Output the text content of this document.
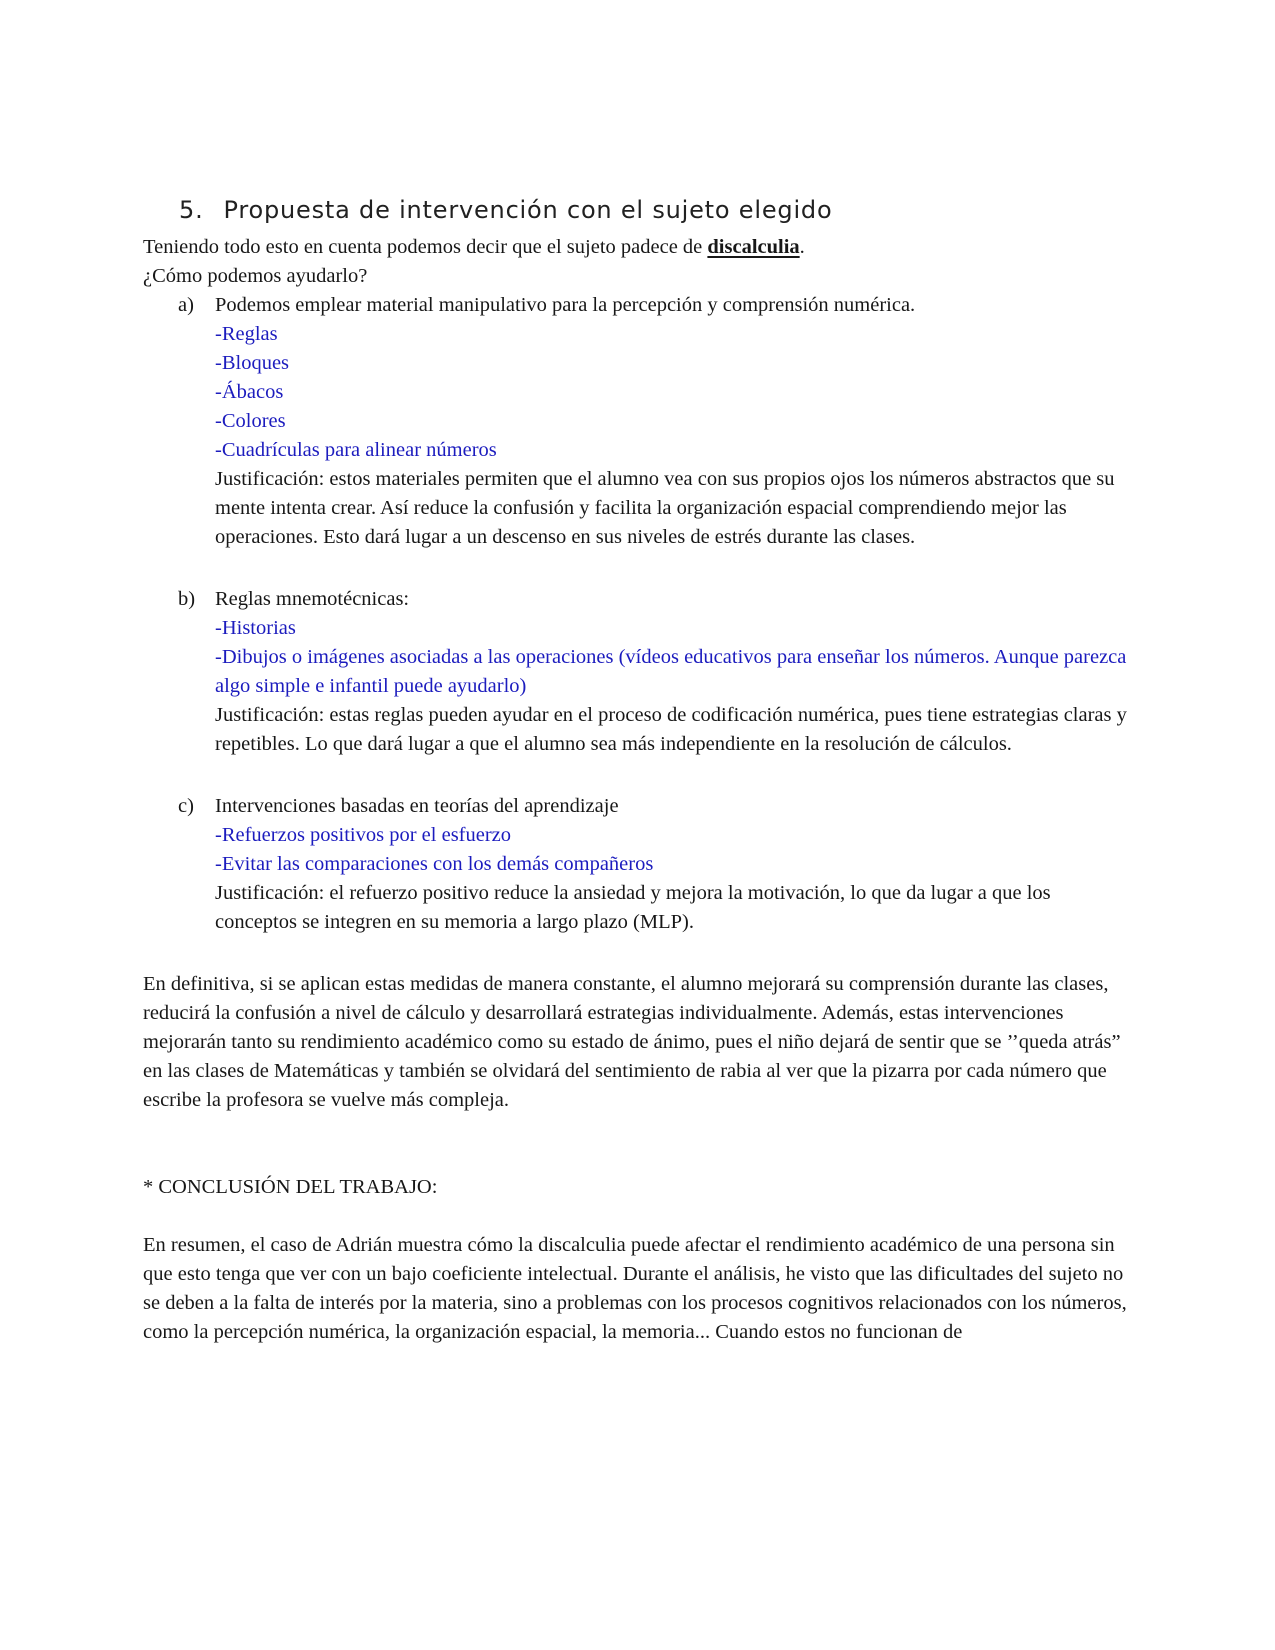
5. Propuesta de intervención con el sujeto elegido

Teniendo todo esto en cuenta podemos decir que el sujeto padece de discalculia.

¿Cómo podemos ayudarlo?

a)	Podemos emplear material manipulativo para la percepción y comprensión numérica.

-Reglas

-Bloques

-Ábacos

-Colores

-Cuadrículas para alinear números

Justificación: estos materiales permiten que el alumno vea con sus propios ojos los números abstractos que su mente intenta crear. Así reduce la confusión y facilita la organización espacial comprendiendo mejor las operaciones. Esto dará lugar a un descenso en sus niveles de estrés durante las clases.

b) Reglas mnemotécnicas:

-Historias

-Dibujos o imágenes asociadas a las operaciones (vídeos educativos para enseñar los números. Aunque parezca algo simple e infantil puede ayudarlo)

Justificación: estas reglas pueden ayudar en el proceso de codificación numérica, pues tiene estrategias claras y repetibles. Lo que dará lugar a que el alumno sea más independiente en la resolución de cálculos.

c)	Intervenciones basadas en teorías del aprendizaje

-Refuerzos positivos por el esfuerzo

-Evitar las comparaciones con los demás compañeros

Justificación: el refuerzo positivo reduce la ansiedad y mejora la motivación, lo que da lugar a que los conceptos se integren en su memoria a largo plazo (MLP).

En definitiva, si se aplican estas medidas de manera constante, el alumno mejorará su comprensión durante las clases, reducirá la confusión a nivel de cálculo y desarrollará estrategias individualmente. Además, estas intervenciones mejorarán tanto su rendimiento académico como su estado de ánimo, pues el niño dejará de sentir que se ’’queda atrás” en las clases de Matemáticas y también se olvidará del sentimiento de rabia al ver que la pizarra por cada número que escribe la profesora se vuelve más compleja.

* CONCLUSIÓN DEL TRABAJO:

En resumen, el caso de Adrián muestra cómo la discalculia puede afectar el rendimiento académico de una persona sin que esto tenga que ver con un bajo coeficiente intelectual. Durante el análisis, he visto que las dificultades del sujeto no se deben a la falta de interés por la materia, sino a problemas con los procesos cognitivos relacionados con los números, como la percepción numérica, la organización espacial, la memoria... Cuando estos no funcionan de
